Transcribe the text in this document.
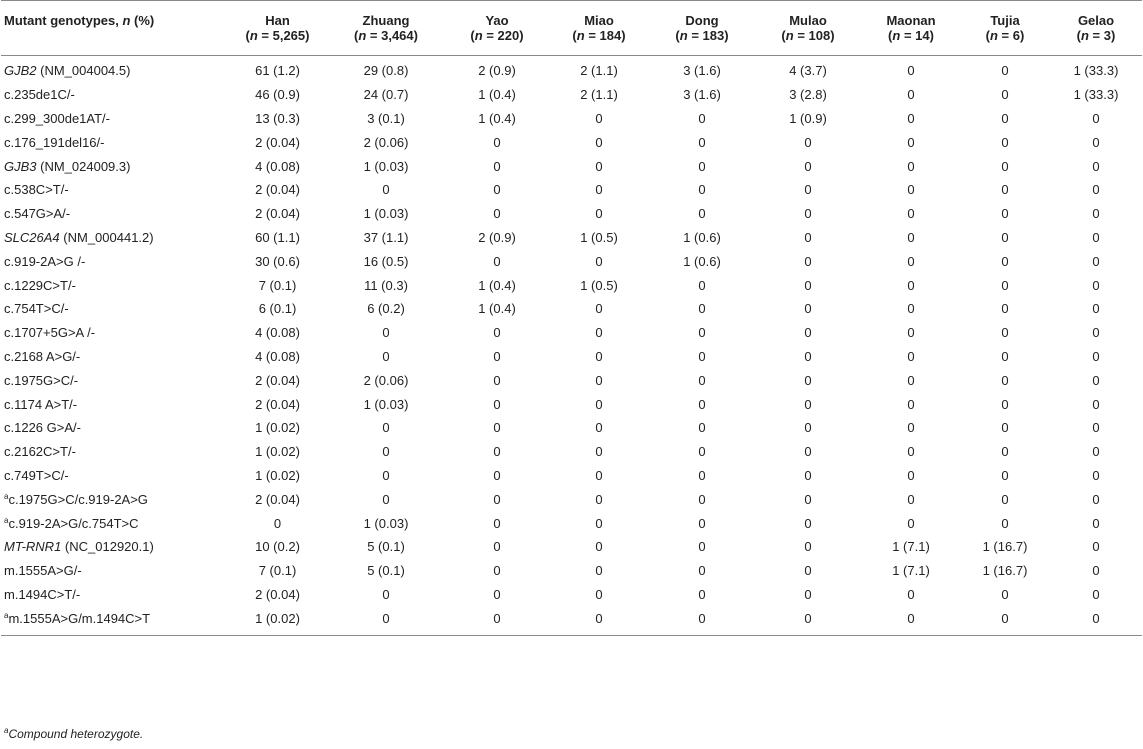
Mutant genotypes, n (%)	Han	Zhuang	Yao	Miao	Dong	Mulao	Maonan	Tujia	Gelao
	(n = 5,265)	(n = 3,464)	(n = 220)	(n = 184)	(n = 183)	(n = 108)	(n = 14)	(n = 6)	(n = 3)
GJB2 (NM_004004.5)	61 (1.2)	29 (0.8)	2 (0.9)	2 (1.1)	3 (1.6)	4 (3.7)	0	0	1 (33.3)
c.235de1C/-	46 (0.9)	24 (0.7)	1 (0.4)	2 (1.1)	3 (1.6)	3 (2.8)	0	0	1 (33.3)
c.299_300de1AT/-	13 (0.3)	3 (0.1)	1 (0.4)	0	0	1 (0.9)	0	0	0
c.176_191del16/-	2 (0.04)	2 (0.06)	0	0	0	0	0	0	0
GJB3 (NM_024009.3)	4 (0.08)	1 (0.03)	0	0	0	0	0	0	0
c.538C>T/-	2 (0.04)	0	0	0	0	0	0	0	0
c.547G>A/-	2 (0.04)	1 (0.03)	0	0	0	0	0	0	0
SLC26A4 (NM_000441.2)	60 (1.1)	37 (1.1)	2 (0.9)	1 (0.5)	1 (0.6)	0	0	0	0
c.919-2A>G /-	30 (0.6)	16 (0.5)	0	0	1 (0.6)	0	0	0	0
c.1229C>T/-	7 (0.1)	11 (0.3)	1 (0.4)	1 (0.5)	0	0	0	0	0
c.754T>C/-	6 (0.1)	6 (0.2)	1 (0.4)	0	0	0	0	0	0
c.1707+5G>A /-	4 (0.08)	0	0	0	0	0	0	0	0
c.2168 A>G/-	4 (0.08)	0	0	0	0	0	0	0	0
c.1975G>C/-	2 (0.04)	2 (0.06)	0	0	0	0	0	0	0
c.1174 A>T/-	2 (0.04)	1 (0.03)	0	0	0	0	0	0	0
c.1226 G>A/-	1 (0.02)	0	0	0	0	0	0	0	0
c.2162C>T/-	1 (0.02)	0	0	0	0	0	0	0	0
c.749T>C/-	1 (0.02)	0	0	0	0	0	0	0	0
$^a$c.1975G>C/c.919-2A>G	2 (0.04)	0	0	0	0	0	0	0	0
$^a$c.919-2A>G/c.754T>C	0	1 (0.03)	0	0	0	0	0	0	0
MT-RNR1 (NC_012920.1)	10 (0.2)	5 (0.1)	0	0	0	0	1 (7.1)	1 (16.7)	0
m.1555A>G/-	7 (0.1)	5 (0.1)	0	0	0	0	1 (7.1)	1 (16.7)	0
m.1494C>T/-	2 (0.04)	0	0	0	0	0	0	0	0
$^a$m.1555A>G/m.1494C>T	1 (0.02)	0	0	0	0	0	0	0	0
$^a$Compound heterozygote.
